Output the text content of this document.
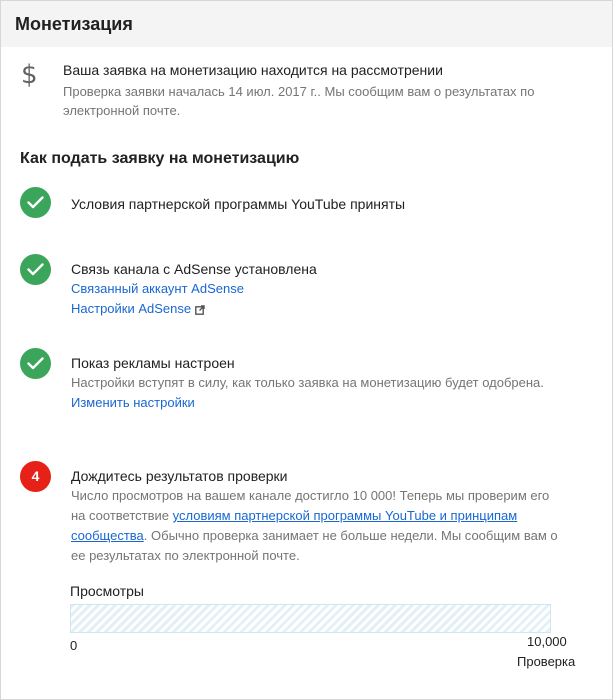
Монетизация
$ Ваша заявка на монетизацию находится на рассмотрении
Проверка заявки началась 14 июл. 2017 г.. Мы сообщим вам о результатах по электронной почте.
Как подать заявку на монетизацию
Условия партнерской программы YouTube приняты
Связь канала с AdSense установлена
Связанный аккаунт AdSense
Настройки AdSense
Показ рекламы настроен
Настройки вступят в силу, как только заявка на монетизацию будет одобрена.
Изменить настройки
4	Дождитесь результатов проверки
Число просмотров на вашем канале достигло 10 000! Теперь мы проверим его на соответствие условиям партнерской программы YouTube и принципам сообщества. Обычно проверка занимает не больше недели. Мы сообщим вам о ее результатах по электронной почте.
Просмотры
0	10,000
Проверка
